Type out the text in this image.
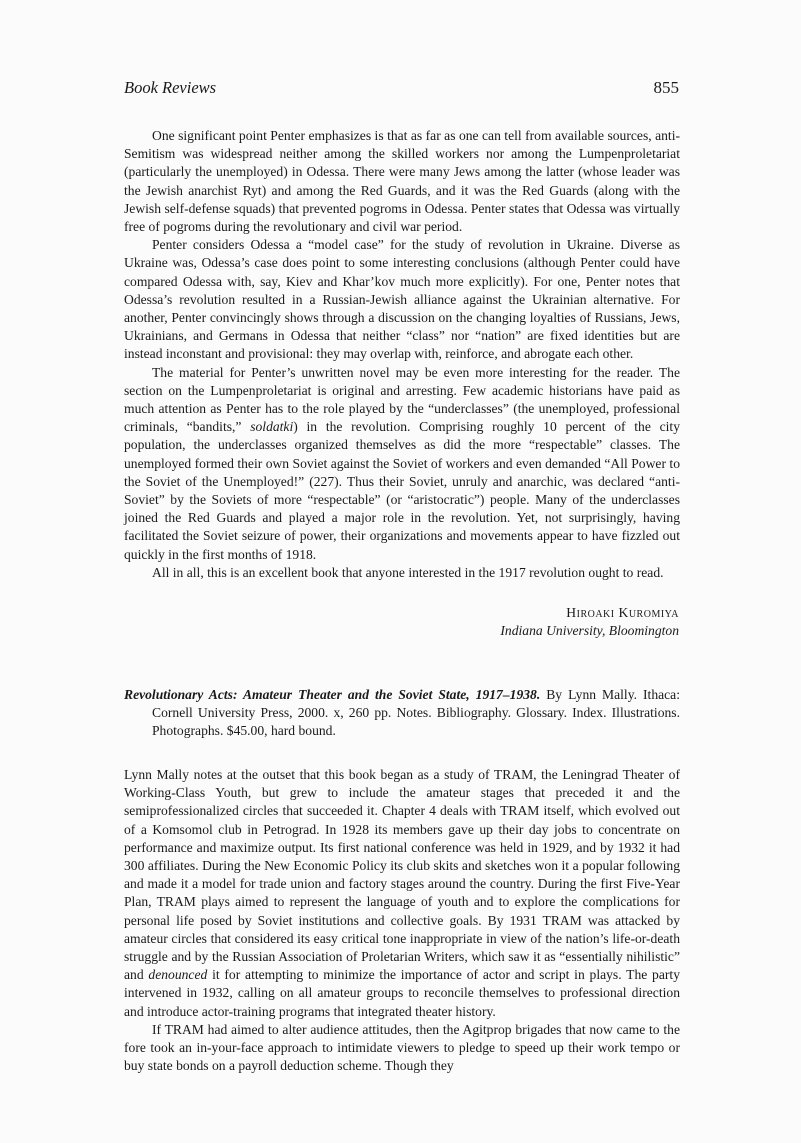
Book Reviews	855

One significant point Penter emphasizes is that as far as one can tell from available sources, anti-Semitism was widespread neither among the skilled workers nor among the Lumpenproletariat (particularly the unemployed) in Odessa. There were many Jews among the latter (whose leader was the Jewish anarchist Ryt) and among the Red Guards, and it was the Red Guards (along with the Jewish self-defense squads) that prevented pogroms in Odessa. Penter states that Odessa was virtually free of pogroms during the revolutionary and civil war period.

Penter considers Odessa a “model case” for the study of revolution in Ukraine. Diverse as Ukraine was, Odessa’s case does point to some interesting conclusions (although Penter could have compared Odessa with, say, Kiev and Khar’kov much more explicitly). For one, Penter notes that Odessa’s revolution resulted in a Russian-Jewish alliance against the Ukrainian alternative. For another, Penter convincingly shows through a discussion on the changing loyalties of Russians, Jews, Ukrainians, and Germans in Odessa that neither “class” nor “nation” are fixed identities but are instead inconstant and provisional: they may overlap with, reinforce, and abrogate each other.

The material for Penter’s unwritten novel may be even more interesting for the reader. The section on the Lumpenproletariat is original and arresting. Few academic historians have paid as much attention as Penter has to the role played by the “underclasses” (the unemployed, professional criminals, “bandits,” soldatki) in the revolution. Comprising roughly 10 percent of the city population, the underclasses organized themselves as did the more “respectable” classes. The unemployed formed their own Soviet against the Soviet of workers and even demanded “All Power to the Soviet of the Unemployed!” (227). Thus their Soviet, unruly and anarchic, was declared “anti-Soviet” by the Soviets of more “respectable” (or “aristocratic”) people. Many of the underclasses joined the Red Guards and played a major role in the revolution. Yet, not surprisingly, having facilitated the Soviet seizure of power, their organizations and movements appear to have fizzled out quickly in the first months of 1918.

All in all, this is an excellent book that anyone interested in the 1917 revolution ought to read.

Hiroaki Kuromiya
Indiana University, Bloomington
Revolutionary Acts: Amateur Theater and the Soviet State, 1917–1938. By Lynn Mally. Ithaca: Cornell University Press, 2000. x, 260 pp. Notes. Bibliography. Glossary. Index. Illustrations. Photographs. $45.00, hard bound.

Lynn Mally notes at the outset that this book began as a study of TRAM, the Leningrad Theater of Working-Class Youth, but grew to include the amateur stages that preceded it and the semiprofessionalized circles that succeeded it. Chapter 4 deals with TRAM itself, which evolved out of a Komsomol club in Petrograd. In 1928 its members gave up their day jobs to concentrate on performance and maximize output. Its first national conference was held in 1929, and by 1932 it had 300 affiliates. During the New Economic Policy its club skits and sketches won it a popular following and made it a model for trade union and factory stages around the country. During the first Five-Year Plan, TRAM plays aimed to represent the language of youth and to explore the complications for personal life posed by Soviet institutions and collective goals. By 1931 TRAM was attacked by amateur circles that considered its easy critical tone inappropriate in view of the nation’s life-or-death struggle and by the Russian Association of Proletarian Writers, which saw it as “essentially nihilistic” and denounced it for attempting to minimize the importance of actor and script in plays. The party intervened in 1932, calling on all amateur groups to reconcile themselves to professional direction and introduce actor-training programs that integrated theater history.

If TRAM had aimed to alter audience attitudes, then the Agitprop brigades that now came to the fore took an in-your-face approach to intimidate viewers to pledge to speed up their work tempo or buy state bonds on a payroll deduction scheme. Though they
